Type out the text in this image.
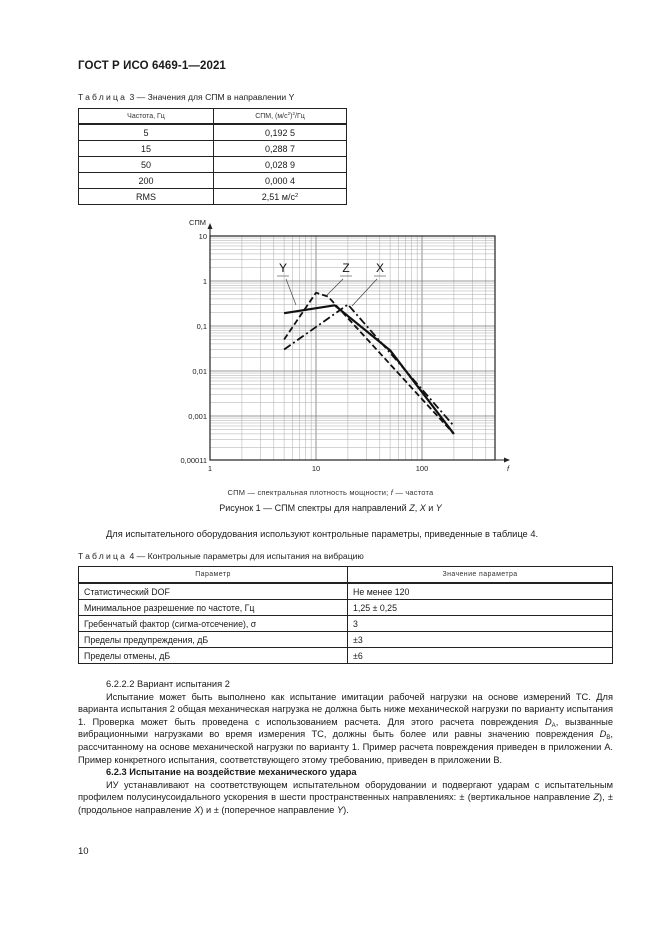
ГОСТ Р ИСО 6469-1—2021
Таблица 3 — Значения для СПМ в направлении Y
Частота, Гц	СПМ, $(м/с^2)^2/Гц$
5	0,192 5
15	0,288 7
50	0,028 9
200	0,000 4
RMS	2,51 $м/с^2$
0,00011
0,001
0,01
0,1
1
10
СПМ
1	10	100	f
Y	Z X
СПМ — спектральная плотность мощности; f — частота
Рисунок 1 — СПМ спектры для направлений Z, X и Y

Для испытательного оборудования используют контрольные параметры, приведенные в таблице 4.

Таблица 4 — Контрольные параметры для испытания на вибрацию
Параметр	Значение параметра
Статистический DOF	Не менее 120
Минимальное разрешение по частоте, Гц	1,25 ± 0,25
Гребенчатый фактор (сигма-отсечение), σ	3
Пределы предупреждения, дБ	±3
Пределы отмены, дБ	±6

6.2.2.2 Вариант испытания 2

Испытание может быть выполнено как испытание имитации рабочей нагрузки на основе измерений ТС. Для варианта испытания 2 общая механическая нагрузка не должна быть ниже механической нагрузки по варианту испытания 1. Проверка может быть проведена с использованием расчета. Для этого расчета повреждения $D_A$, вызванные вибрационными нагрузками во время измерения ТС, должны быть более или равны значению повреждения $D_B$, рассчитанному на основе механической нагрузки по варианту 1. Пример расчета повреждения приведен в приложении А. Пример конкретного испытания, соответствующего этому требованию, приведен в приложении В.

6.2.3 Испытание на воздействие механического удара

ИУ устанавливают на соответствующем испытательном оборудовании и подвергают ударам с испытательным профилем полусинусоидального ускорения в шести пространственных направлениях: ± (вертикальное направление Z), ± (продольное направление X) и ± (поперечное направление Y).

10
